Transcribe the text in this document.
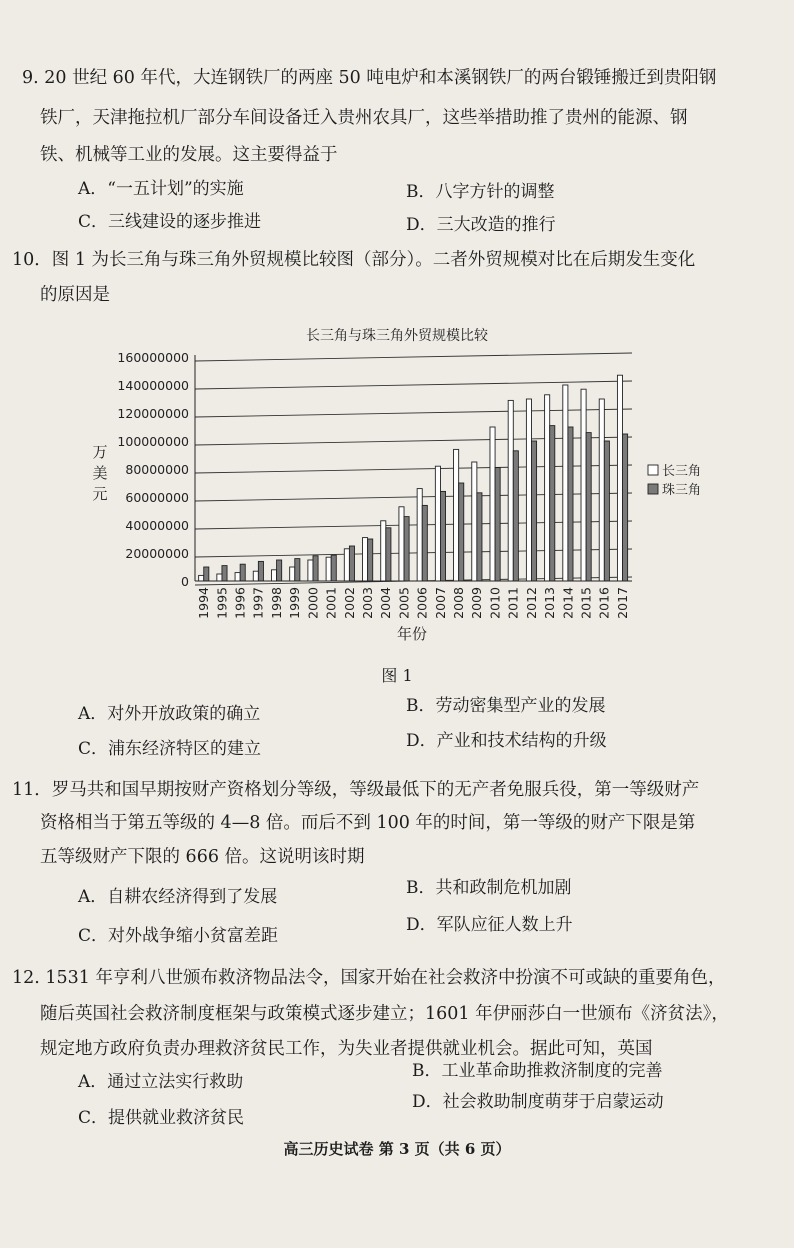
9. 20 世纪 60 年代，大连钢铁厂的两座 50 吨电炉和本溪钢铁厂的两台锻锤搬迁到贵阳钢
铁厂，天津拖拉机厂部分车间设备迁入贵州农具厂，这些举措助推了贵州的能源、钢
铁、机械等工业的发展。这主要得益于
A．“一五计划”的实施	B．八字方针的调整
C．三线建设的逐步推进	D．三大改造的推行
10．图 1 为长三角与珠三角外贸规模比较图（部分）。二者外贸规模对比在后期发生变化
的原因是
长三角与珠三角外贸规模比较
0
20000000
40000000
60000000
80000000
100000000
120000000
140000000
160000000
1994 1995 1996 1997 1998 1999 2000 2001 2002 2003 2004 2005 2006 2007 2008 2009 2010 2011 2012 2013 2014 2015 2016 2017
万
美
元
年份
长三角
珠三角
图 1
A．对外开放政策的确立	B．劳动密集型产业的发展
C．浦东经济特区的建立	D．产业和技术结构的升级
11．罗马共和国早期按财产资格划分等级，等级最低下的无产者免服兵役，第一等级财产
资格相当于第五等级的 4—8 倍。而后不到 100 年的时间，第一等级的财产下限是第
五等级财产下限的 666 倍。这说明该时期
A．自耕农经济得到了发展	B．共和政制危机加剧
C．对外战争缩小贫富差距
D．军队应征人数上升
12. 1531 年亨利八世颁布救济物品法令，国家开始在社会救济中扮演不可或缺的重要角色，
随后英国社会救济制度框架与政策模式逐步建立；1601 年伊丽莎白一世颁布《济贫法》，
规定地方政府负责办理救济贫民工作，为失业者提供就业机会。据此可知，英国
A．通过立法实行救助
B．工业革命助推救济制度的完善
C．提供就业救济贫民
D．社会救助制度萌芽于启蒙运动
高三历史试卷 第 3 页（共 6 页）
